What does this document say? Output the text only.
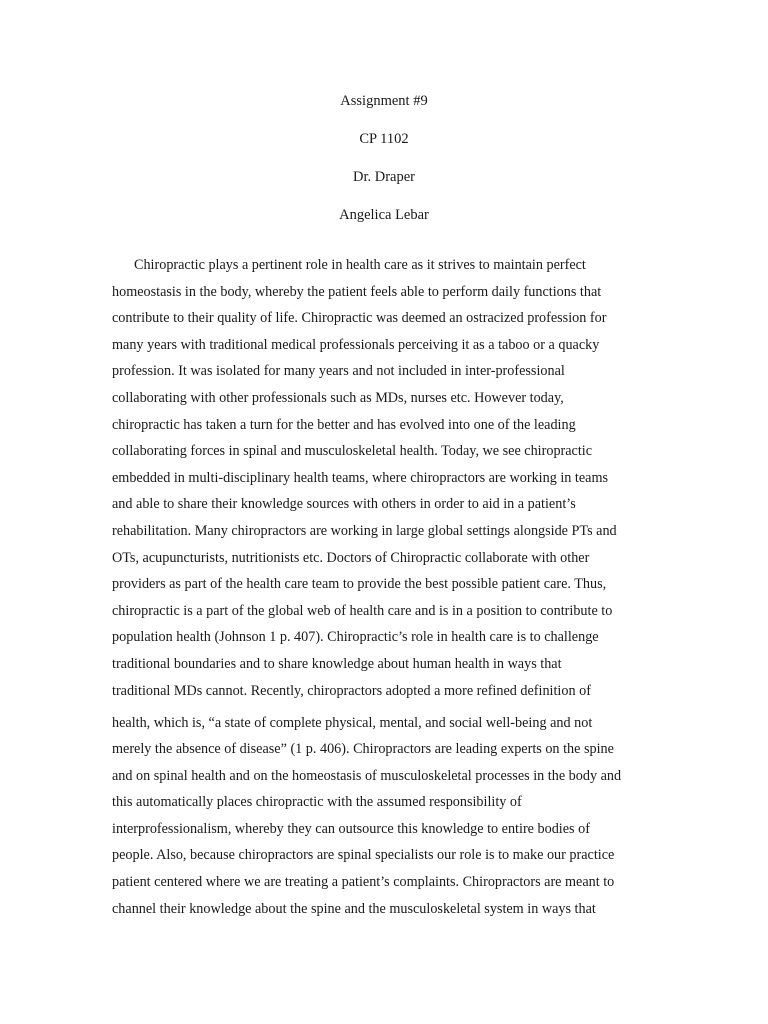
Assignment #9
CP 1102
Dr. Draper
Angelica Lebar
Chiropractic plays a pertinent role in health care as it strives to maintain perfect
homeostasis in the body, whereby the patient feels able to perform daily functions that
contribute to their quality of life. Chiropractic was deemed an ostracized profession for
many years with traditional medical professionals perceiving it as a taboo or a quacky
profession. It was isolated for many years and not included in inter-professional
collaborating with other professionals such as MDs, nurses etc. However today,
chiropractic has taken a turn for the better and has evolved into one of the leading
collaborating forces in spinal and musculoskeletal health. Today, we see chiropractic
embedded in multi-disciplinary health teams, where chiropractors are working in teams
and able to share their knowledge sources with others in order to aid in a patient’s
rehabilitation. Many chiropractors are working in large global settings alongside PTs and
OTs, acupuncturists, nutritionists etc. Doctors of Chiropractic collaborate with other
providers as part of the health care team to provide the best possible patient care. Thus,
chiropractic is a part of the global web of health care and is in a position to contribute to
population health (Johnson 1 p. 407). Chiropractic’s role in health care is to challenge
traditional boundaries and to share knowledge about human health in ways that
traditional MDs cannot. Recently, chiropractors adopted a more refined definition of
health, which is, “a state of complete physical, mental, and social well-being and not
merely the absence of disease” (1 p. 406). Chiropractors are leading experts on the spine
and on spinal health and on the homeostasis of musculoskeletal processes in the body and
this automatically places chiropractic with the assumed responsibility of
interprofessionalism, whereby they can outsource this knowledge to entire bodies of
people. Also, because chiropractors are spinal specialists our role is to make our practice
patient centered where we are treating a patient’s complaints. Chiropractors are meant to
channel their knowledge about the spine and the musculoskeletal system in ways that
